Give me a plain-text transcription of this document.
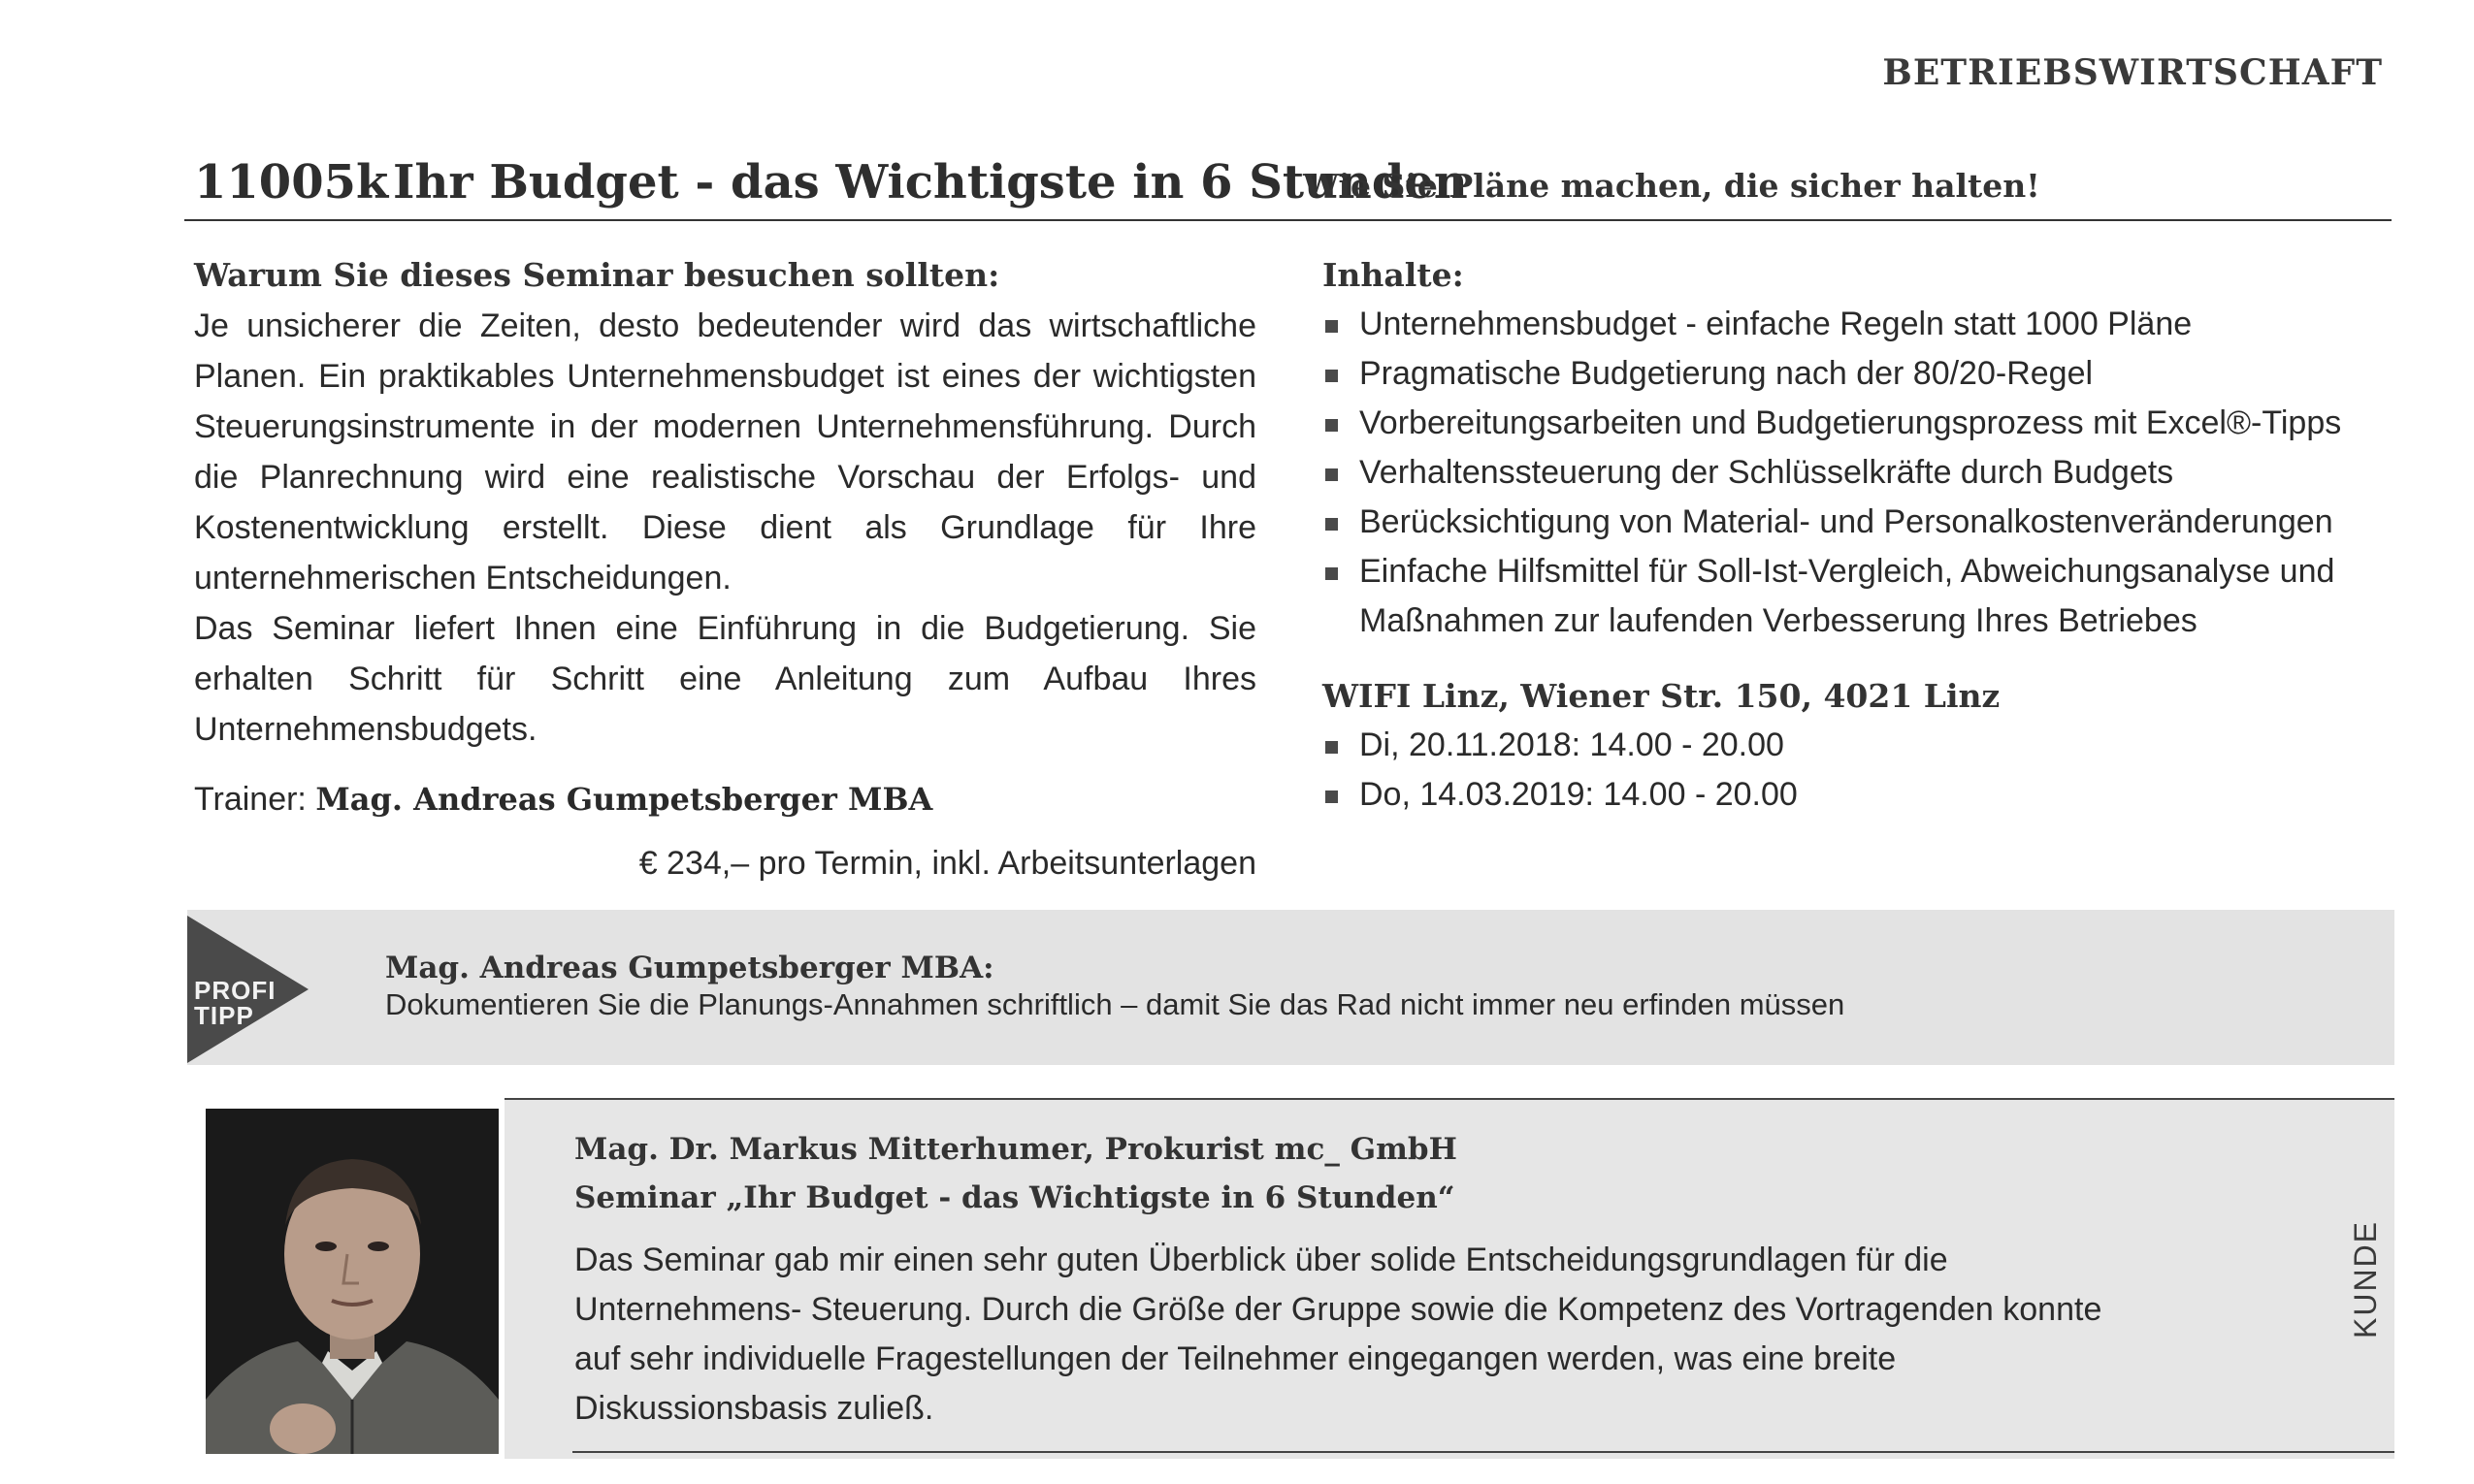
BETRIEBSWIRTSCHAFT
11005k Ihr Budget - das Wichtigste in 6 Stunden
Wie Sie Pläne machen, die sicher halten!
Warum Sie dieses Seminar besuchen sollten:

Je unsicherer die Zeiten, desto bedeutender wird das wirtschaftliche Planen. Ein praktikables Unternehmensbudget ist eines der wichtigsten Steuerungsinstrumente in der modernen Unternehmensführung. Durch die Planrechnung wird eine realistische Vorschau der Erfolgs- und Kostenentwicklung erstellt. Diese dient als Grundlage für Ihre unternehmerischen Entscheidungen.

Das Seminar liefert Ihnen eine Einführung in die Budgetierung. Sie erhalten Schritt für Schritt eine Anleitung zum Aufbau Ihres Unternehmensbudgets.

Trainer: Mag. Andreas Gumpetsberger MBA
€ 234,– pro Termin, inkl. Arbeitsunterlagen
Inhalte:
Unternehmensbudget - einfache Regeln statt 1000 Pläne
Pragmatische Budgetierung nach der 80/20-Regel
Vorbereitungsarbeiten und Budgetierungsprozess mit Excel®-Tipps
Verhaltenssteuerung der Schlüsselkräfte durch Budgets
Berücksichtigung von Material- und Personalkostenveränderungen
Einfache Hilfsmittel für Soll-Ist-Vergleich, Abweichungsanalyse und Maßnahmen zur laufenden Verbesserung Ihres Betriebes
WIFI Linz, Wiener Str. 150, 4021 Linz
Di, 20.11.2018: 14.00 - 20.00
Do, 14.03.2019: 14.00 - 20.00
PROFI
TIPP
Mag. Andreas Gumpetsberger MBA:
Dokumentieren Sie die Planungs-Annahmen schriftlich – damit Sie das Rad nicht immer neu erfinden müssen
Mag. Dr. Markus Mitterhumer, Prokurist mc_ GmbH
Seminar „Ihr Budget - das Wichtigste in 6 Stunden“
Das Seminar gab mir einen sehr guten Überblick über solide Entscheidungsgrundlagen für die Unternehmens- Steuerung. Durch die Größe der Gruppe sowie die Kompetenz des Vortragenden konnte auf sehr individuelle Fragestellungen der Teilnehmer eingegangen werden, was eine breite Diskussionsbasis zuließ.
KUNDE
